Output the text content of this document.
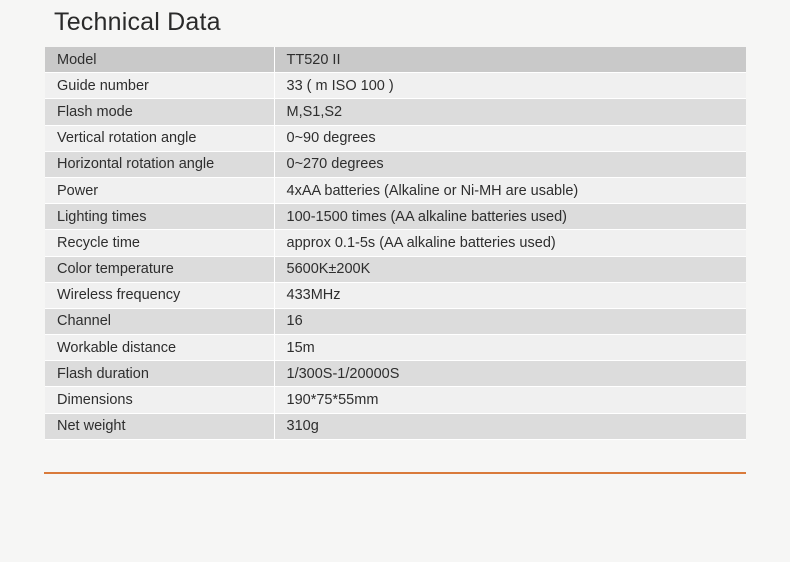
Technical Data
Model	TT520 II
Guide number	33 ( m ISO 100 )
Flash mode	M,S1,S2
Vertical rotation angle	0~90 degrees
Horizontal rotation angle	0~270 degrees
Power	4xAA batteries (Alkaline or Ni-MH are usable)
Lighting times	100-1500 times (AA alkaline batteries used)
Recycle time	approx 0.1-5s (AA alkaline batteries used)
Color temperature	5600K±200K
Wireless frequency	433MHz
Channel	16
Workable distance	15m
Flash duration	1/300S-1/20000S
Dimensions	190*75*55mm
Net weight	310g
